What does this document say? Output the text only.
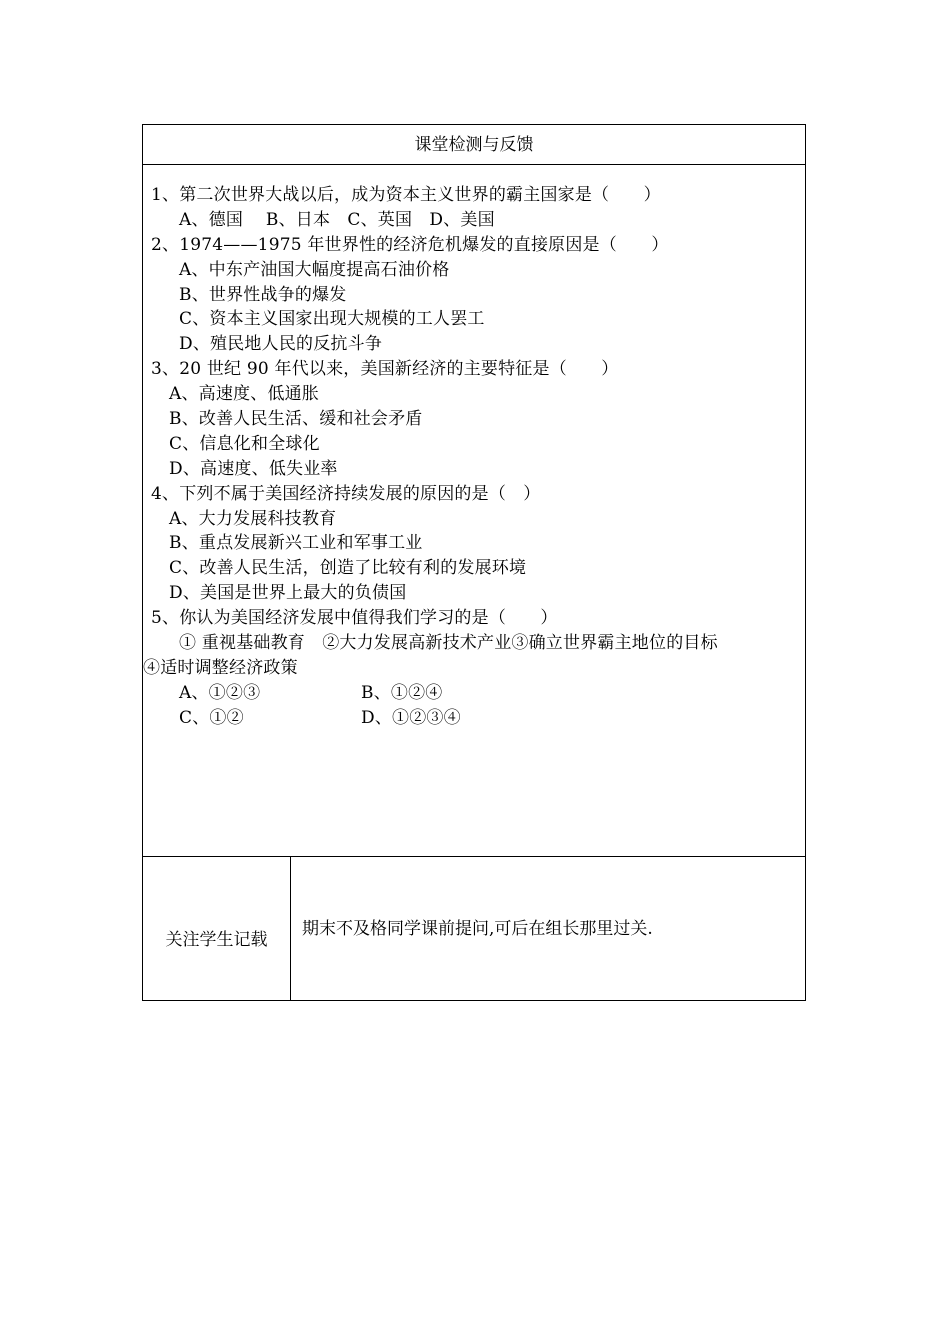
课堂检测与反馈
1、第二次世界大战以后，成为资本主义世界的霸主国家是（　　）
A、德国　 B、日本　C、英国　D、美国
2、1974——1975 年世界性的经济危机爆发的直接原因是（　　）
A、中东产油国大幅度提高石油价格
B、世界性战争的爆发
C、资本主义国家出现大规模的工人罢工
D、殖民地人民的反抗斗争
3、20 世纪 90 年代以来，美国新经济的主要特征是（　　）
A、高速度、低通胀
B、改善人民生活、缓和社会矛盾
C、信息化和全球化
D、高速度、低失业率
4、下列不属于美国经济持续发展的原因的是（　）
A、大力发展科技教育
B、重点发展新兴工业和军事工业
C、改善人民生活，创造了比较有利的发展环境
D、美国是世界上最大的负债国
5、你认为美国经济发展中值得我们学习的是（　　）
① 重视基础教育　②大力发展高新技术产业③确立世界霸主地位的目标
④适时调整经济政策
A、①②③	B、①②④
C、①②	D、①②③④
关注学生记载
期末不及格同学课前提问,可后在组长那里过关.
